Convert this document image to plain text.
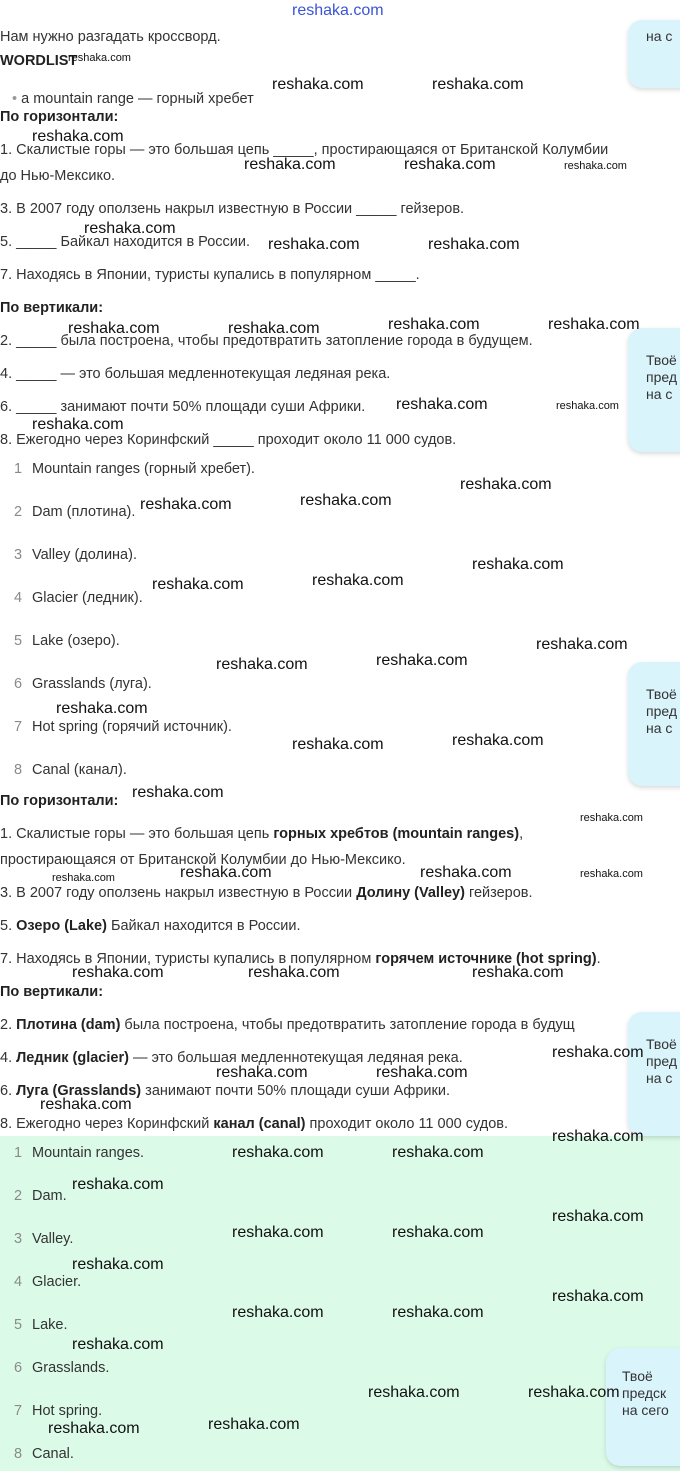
reshaka.com
Нам нужно разгадать кроссворд.
WORDLIST
• a mountain range — горный хребет
По горизонтали:
1. Скалистые горы — это большая цепь _____, простирающаяся от Британской Колумбии
до Нью-Мексико.
3. В 2007 году оползень накрыл известную в России _____ гейзеров.
5. _____ Байкал находится в России.
7. Находясь в Японии, туристы купались в популярном _____.
По вертикали:
2. _____ была построена, чтобы предотвратить затопление города в будущем.
4. _____ — это большая медленнотекущая ледяная река.
6. _____ занимают почти 50% площади суши Африки.
8. Ежегодно через Коринфский _____ проходит около 11 000 судов.
1 Mountain ranges (горный хребет).
2 Dam (плотина).
3 Valley (долина).
4 Glacier (ледник).
5 Lake (озеро).
6 Grasslands (луга).
7 Hot spring (горячий источник).
8 Canal (канал).
По горизонтали:
1. Скалистые горы — это большая цепь горных хребтов (mountain ranges),
простирающаяся от Британской Колумбии до Нью-Мексико.
3. В 2007 году оползень накрыл известную в России Долину (Valley) гейзеров.
5. Озеро (Lake) Байкал находится в России.
7. Находясь в Японии, туристы купались в популярном горячем источнике (hot spring).
По вертикали:
2. Плотина (dam) была построена, чтобы предотвратить затопление города в будущ
4. Ледник (glacier) — это большая медленнотекущая ледяная река.
6. Луга (Grasslands) занимают почти 50% площади суши Африки.
8. Ежегодно через Коринфский канал (canal) проходит около 11 000 судов.
1 Mountain ranges.
2 Dam.
3 Valley.
4 Glacier.
5 Lake.
6 Grasslands.
7 Hot spring.
8 Canal.
на с
Твоё
пред
на с
Твоё
пред
на с
Твоё
пред
на с
Твоё
предск
на сего
reshaka.com
reshaka.com	reshaka.com
reshaka.com
reshaka.com	reshaka.com	reshaka.com
reshaka.com
reshaka.com	reshaka.com
reshaka.com	reshaka.com	reshaka.com	reshaka.com
reshaka.com	reshaka.com
reshaka.com
reshaka.com
reshaka.com
reshaka.com
reshaka.com
reshaka.com
reshaka.com
reshaka.com
reshaka.com
reshaka.com
reshaka.com
reshaka.com
reshaka.com
reshaka.com
reshaka.com
reshaka.com
reshaka.com
reshaka.com	reshaka.com
reshaka.com	reshaka.com	reshaka.com
reshaka.com
reshaka.com	reshaka.com
reshaka.com
reshaka.com
reshaka.com	reshaka.com
reshaka.com
reshaka.com
reshaka.com	reshaka.com
reshaka.com
reshaka.com
reshaka.com	reshaka.com
reshaka.com
reshaka.com	reshaka.com
reshaka.com
reshaka.com
